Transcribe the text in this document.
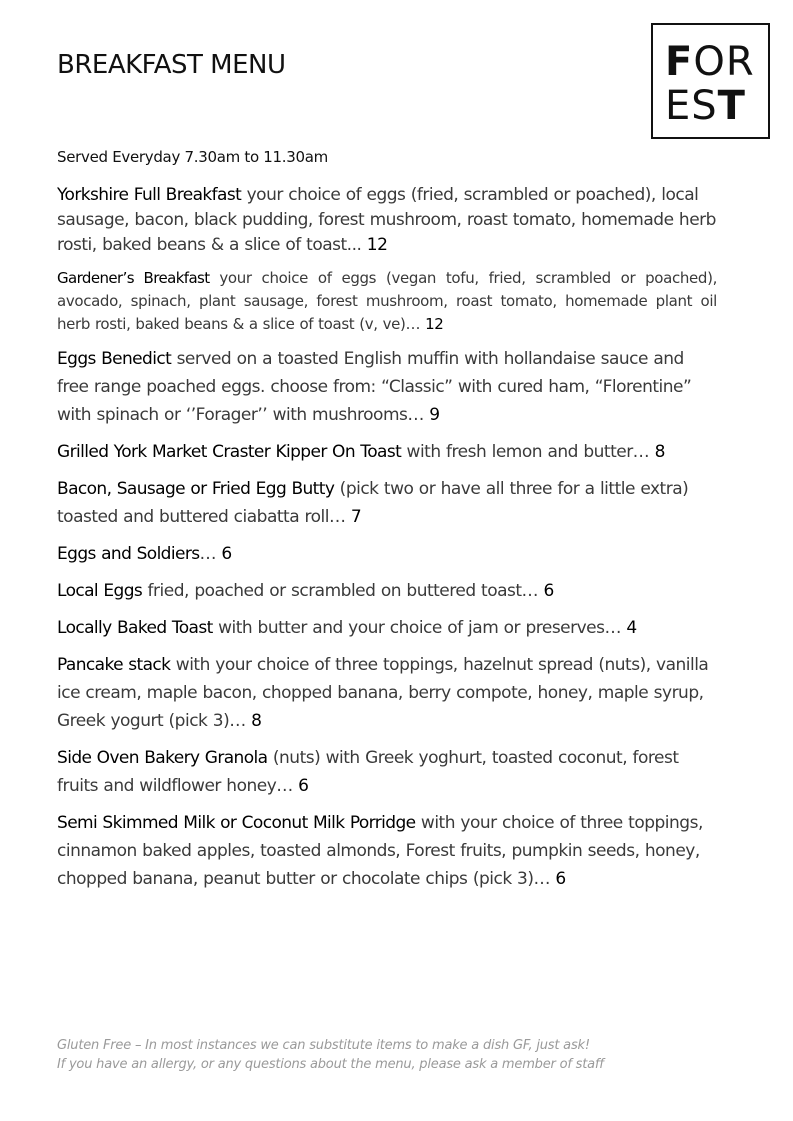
BREAKFAST MENU	FOR
EST
Served Everyday 7.30am to 11.30am

Yorkshire Full Breakfast your choice of eggs (fried, scrambled or poached), local sausage, bacon, black pudding, forest mushroom, roast tomato, homemade herb rosti, baked beans & a slice of toast... 12

Gardener’s Breakfast your choice of eggs (vegan tofu, fried, scrambled or poached), avocado, spinach, plant sausage, forest mushroom, roast tomato, homemade plant oil herb rosti, baked beans & a slice of toast (v, ve)… 12

Eggs Benedict served on a toasted English muffin with hollandaise sauce and free range poached eggs. choose from: “Classic” with cured ham, “Florentine” with spinach or ‘’Forager’’ with mushrooms… 9

Grilled York Market Craster Kipper On Toast with fresh lemon and butter… 8

Bacon, Sausage or Fried Egg Butty (pick two or have all three for a little extra) toasted and buttered ciabatta roll… 7

Eggs and Soldiers… 6

Local Eggs fried, poached or scrambled on buttered toast… 6

Locally Baked Toast with butter and your choice of jam or preserves… 4

Pancake stack with your choice of three toppings, hazelnut spread (nuts), vanilla ice cream, maple bacon, chopped banana, berry compote, honey, maple syrup, Greek yogurt (pick 3)… 8

Side Oven Bakery Granola (nuts) with Greek yoghurt, toasted coconut, forest fruits and wildflower honey… 6

Semi Skimmed Milk or Coconut Milk Porridge with your choice of three toppings, cinnamon baked apples, toasted almonds, Forest fruits, pumpkin seeds, honey, chopped banana, peanut butter or chocolate chips (pick 3)… 6

Gluten Free – In most instances we can substitute items to make a dish GF, just ask!
If you have an allergy, or any questions about the menu, please ask a member of staff
